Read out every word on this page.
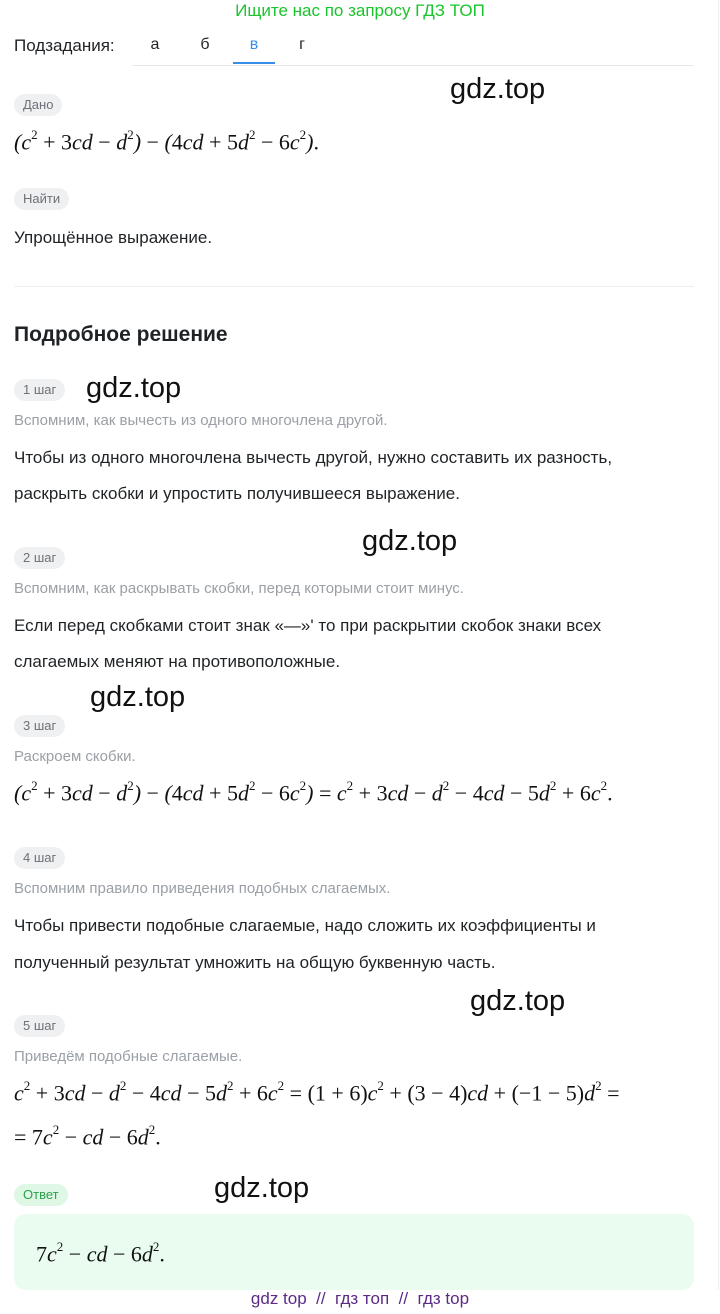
Ищите нас по запросу ГДЗ ТОП
Подзадания:	а	б	в	г
Дано	gdz.top
$(c^2 + 3cd - d^2) - (4cd + 5d^2 - 6c^2)$.
Найти
Упрощённое выражение.
Подробное решение
1 шаг	gdz.top
Вспомним, как вычесть из одного многочлена другой.
Чтобы из одного многочлена вычесть другой, нужно составить их разность,
раскрыть скобки и упростить получившееся выражение.
2 шаг
gdz.top
Вспомним, как раскрывать скобки, перед которыми стоит минус.
Если перед скобками стоит знак «—»' то при раскрытии скобок знаки всех
слагаемых меняют на противоположные.
gdz.top
3 шаг
Раскроем скобки.
$(c^2 + 3cd - d^2) - (4cd + 5d^2 - 6c^2) = c^2 + 3cd - d^2 - 4cd - 5d^2 + 6c^2$.
4 шаг
Вспомним правило приведения подобных слагаемых.
Чтобы привести подобные слагаемые, надо сложить их коэффициенты и
полученный результат умножить на общую буквенную часть.
gdz.top
5 шаг
Приведём подобные слагаемые.
$c^2 + 3cd - d^2 - 4cd - 5d^2 + 6c^2 = (1 + 6)c^2 + (3 - 4)cd + (-1 - 5)d^2$ =
= $7c^2$ − cd − $6d^2$.
Ответ	gdz.top
$7c^2$ − cd − $6d^2$.
gdz top // гдз топ // гдз top
